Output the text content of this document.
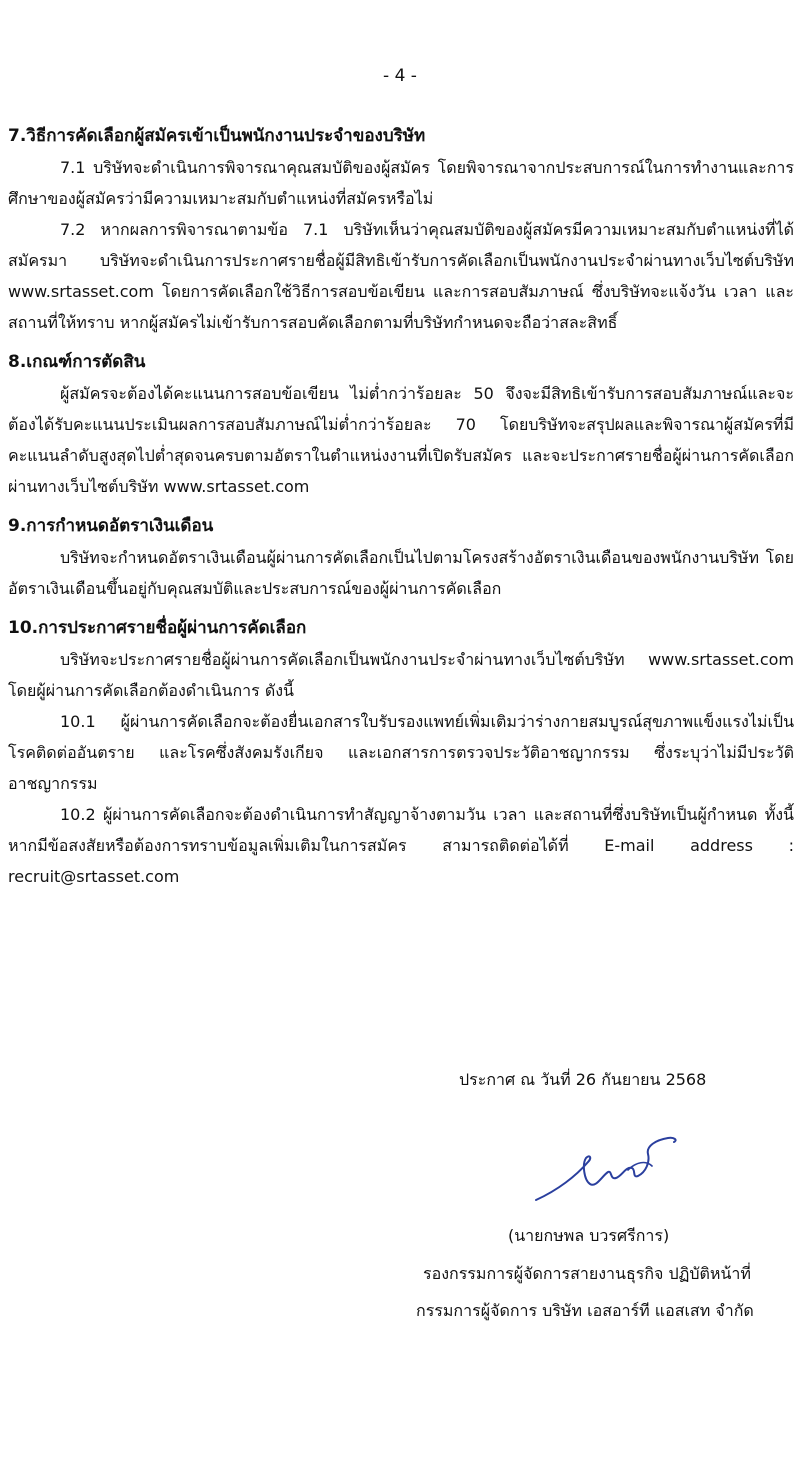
- 4 -

7.วิธีการคัดเลือกผู้สมัครเข้าเป็นพนักงานประจำของบริษัท

7.1 บริษัทจะดำเนินการพิจารณาคุณสมบัติของผู้สมัคร โดยพิจารณาจากประสบการณ์ในการทำงานและการศึกษาของผู้สมัครว่ามีความเหมาะสมกับตำแหน่งที่สมัครหรือไม่

7.2 หากผลการพิจารณาตามข้อ 7.1 บริษัทเห็นว่าคุณสมบัติของผู้สมัครมีความเหมาะสมกับตำแหน่งที่ได้สมัครมา บริษัทจะดำเนินการประกาศรายชื่อผู้มีสิทธิเข้ารับการคัดเลือกเป็นพนักงานประจำผ่านทางเว็บไซต์บริษัท www.srtasset.com โดยการคัดเลือกใช้วิธีการสอบข้อเขียน และการสอบสัมภาษณ์ ซึ่งบริษัทจะแจ้งวัน เวลา และสถานที่ให้ทราบ หากผู้สมัครไม่เข้ารับการสอบคัดเลือกตามที่บริษัทกำหนดจะถือว่าสละสิทธิ์

8.เกณฑ์การตัดสิน

ผู้สมัครจะต้องได้คะแนนการสอบข้อเขียน ไม่ต่ำกว่าร้อยละ 50 จึงจะมีสิทธิเข้ารับการสอบสัมภาษณ์และจะต้องได้รับคะแนนประเมินผลการสอบสัมภาษณ์ไม่ต่ำกว่าร้อยละ 70 โดยบริษัทจะสรุปผลและพิจารณาผู้สมัครที่มีคะแนนลำดับสูงสุดไปต่ำสุดจนครบตามอัตราในตำแหน่งงานที่เปิดรับสมัคร และจะประกาศรายชื่อผู้ผ่านการคัดเลือกผ่านทางเว็บไซต์บริษัท www.srtasset.com

9.การกำหนดอัตราเงินเดือน

บริษัทจะกำหนดอัตราเงินเดือนผู้ผ่านการคัดเลือกเป็นไปตามโครงสร้างอัตราเงินเดือนของพนักงานบริษัท โดยอัตราเงินเดือนขึ้นอยู่กับคุณสมบัติและประสบการณ์ของผู้ผ่านการคัดเลือก

10.การประกาศรายชื่อผู้ผ่านการคัดเลือก

บริษัทจะประกาศรายชื่อผู้ผ่านการคัดเลือกเป็นพนักงานประจำผ่านทางเว็บไซต์บริษัท www.srtasset.com โดยผู้ผ่านการคัดเลือกต้องดำเนินการ ดังนี้

10.1 ผู้ผ่านการคัดเลือกจะต้องยื่นเอกสารใบรับรองแพทย์เพิ่มเติมว่าร่างกายสมบูรณ์สุขภาพแข็งแรงไม่เป็นโรคติดต่ออันตราย และโรคซึ่งสังคมรังเกียจ และเอกสารการตรวจประวัติอาชญากรรม ซึ่งระบุว่าไม่มีประวัติอาชญากรรม

10.2 ผู้ผ่านการคัดเลือกจะต้องดำเนินการทำสัญญาจ้างตามวัน เวลา และสถานที่ซึ่งบริษัทเป็นผู้กำหนด ทั้งนี้ หากมีข้อสงสัยหรือต้องการทราบข้อมูลเพิ่มเติมในการสมัคร สามารถติดต่อได้ที่ E-mail address : recruit@srtasset.com

ประกาศ ณ วันที่ 26 กันยายน 2568
(นายกษพล บวรศรีการ)
รองกรรมการผู้จัดการสายงานธุรกิจ ปฏิบัติหน้าที่
กรรมการผู้จัดการ บริษัท เอสอาร์ที แอสเสท จำกัด
